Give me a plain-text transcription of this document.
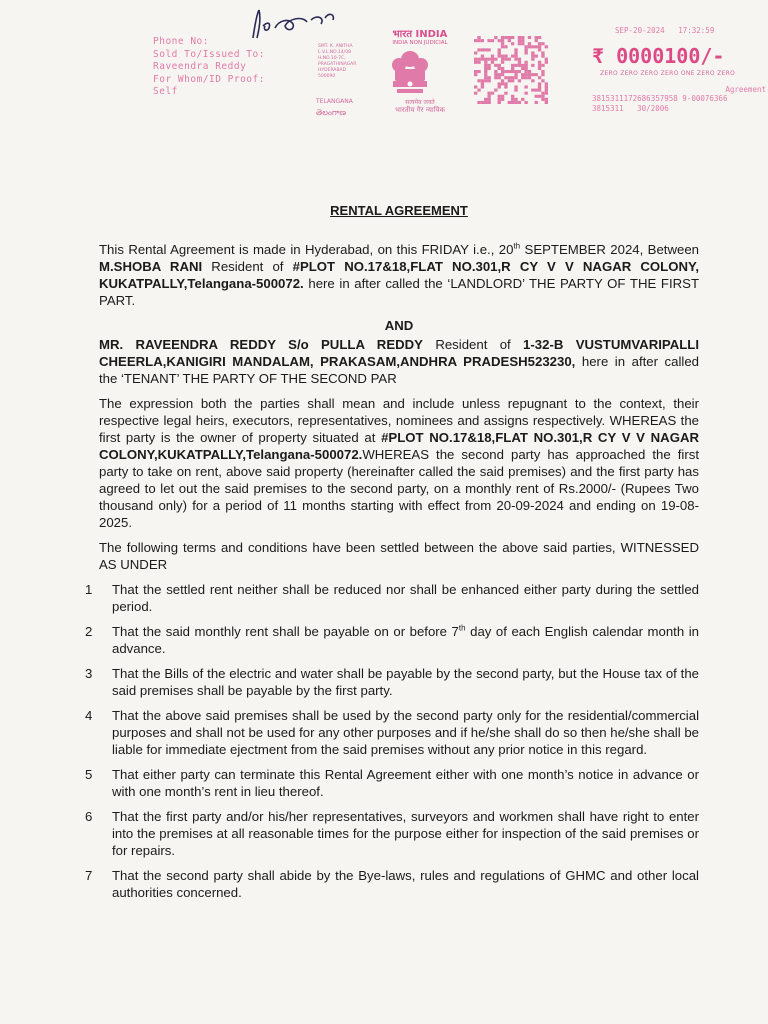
Phone No:
Sold To/Issued To:
Raveendra Reddy
For Whom/ID Proof:
Self
SMT. K. ANITHA
L.V.L.NO.14/08
H.NO.10-7C,
PRAGATHINAGAR
HYDERABAD
500090
TELANGANA
తెలంగాణ
भारत INDIA
INDIA NON JUDICIAL
सत्यमेव जयते
भारतीय गैर न्यायिक
SEP-20-2024 17:32:59
₹ 0000100/-
ZERO ZERO ZERO ZERO ONE ZERO ZERO
Agreement
3815311172686357958 9-00076366
3815311 30/2006
RENTAL AGREEMENT

This Rental Agreement is made in Hyderabad, on this FRIDAY i.e., 20th SEPTEMBER 2024, Between M.SHOBA RANI Resident of #PLOT NO.17&18,FLAT NO.301,R CY V V NAGAR COLONY, KUKATPALLY,Telangana-500072. here in after called the ‘LANDLORD’ THE PARTY OF THE FIRST PART.

AND

MR. RAVEENDRA REDDY S/o PULLA REDDY Resident of 1-32-B VUSTUMVARIPALLI CHEERLA,KANIGIRI MANDALAM, PRAKASAM,ANDHRA PRADESH523230, here in after called the ‘TENANT’ THE PARTY OF THE SECOND PAR

The expression both the parties shall mean and include unless repugnant to the context, their respective legal heirs, executors, representatives, nominees and assigns respectively. WHEREAS the first party is the owner of property situated at #PLOT NO.17&18,FLAT NO.301,R CY V V NAGAR COLONY,KUKATPALLY,Telangana-500072.WHEREAS the second party has approached the first party to take on rent, above said property (hereinafter called the said premises) and the first party has agreed to let out the said premises to the second party, on a monthly rent of Rs.2000/- (Rupees Two thousand only) for a period of 11 months starting with effect from 20-09-2024 and ending on 19-08-2025.

The following terms and conditions have been settled between the above said parties, WITNESSED AS UNDER

1 That the settled rent neither shall be reduced nor shall be enhanced either party during the settled period.
2 That the said monthly rent shall be payable on or before 7th day of each English calendar month in advance.
3 That the Bills of the electric and water shall be payable by the second party, but the House tax of the said premises shall be payable by the first party.
4 That the above said premises shall be used by the second party only for the residential/commercial purposes and shall not be used for any other purposes and if he/she shall do so then he/she shall be liable for immediate ejectment from the said premises without any prior notice in this regard.
5 That either party can terminate this Rental Agreement either with one month’s notice in advance or with one month’s rent in lieu thereof.
6 That the first party and/or his/her representatives, surveyors and workmen shall have right to enter into the premises at all reasonable times for the purpose either for inspection of the said premises or for repairs.
7 That the second party shall abide by the Bye-laws, rules and regulations of GHMC and other local authorities concerned.
